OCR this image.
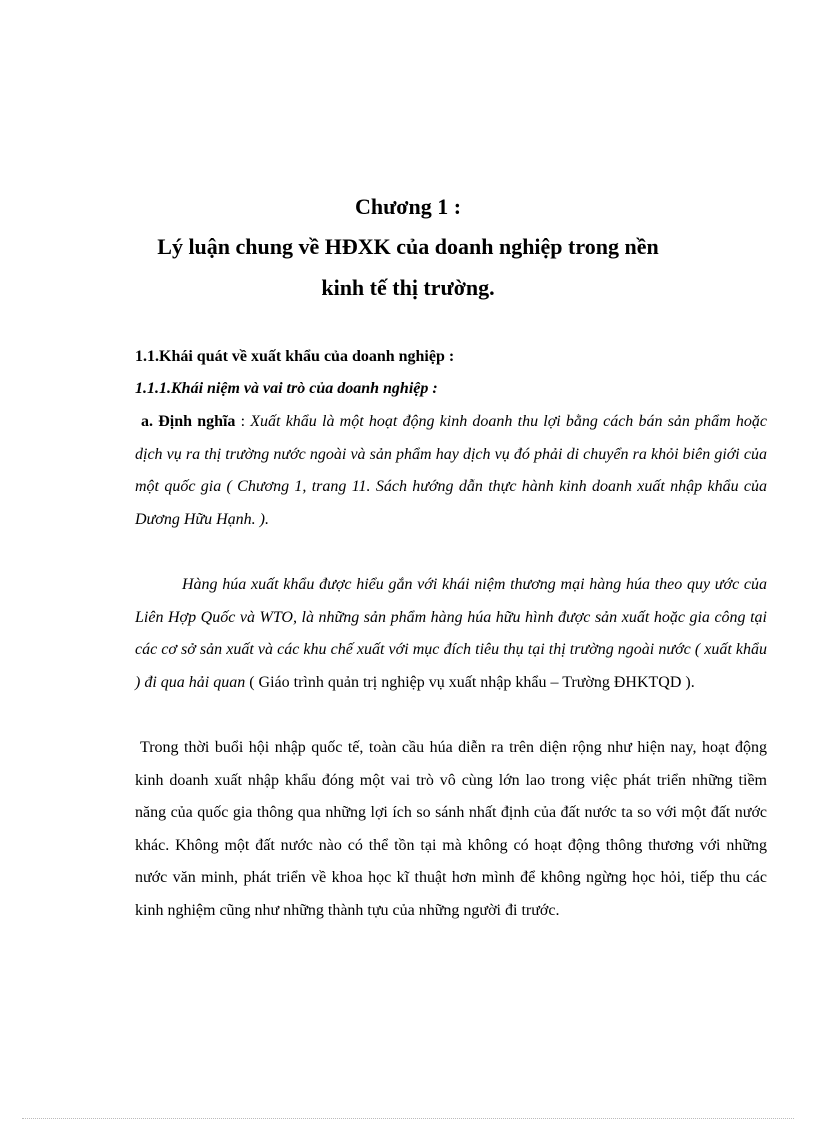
Chương 1 :
Lý luận chung về HĐXK của doanh nghiệp trong nền
kinh tế thị trường.
1.1.Khái quát về xuất khẩu của doanh nghiệp :
1.1.1.Khái niệm và vai trò của doanh nghiệp :
a. Định nghĩa : Xuất khẩu là một hoạt động kinh doanh thu lợi bằng cách bán sản phẩm hoặc dịch vụ ra thị trường nước ngoài và sản phẩm hay dịch vụ đó phải di chuyển ra khỏi biên giới của một quốc gia ( Chương 1, trang 11. Sách hướng dẫn thực hành kinh doanh xuất nhập khẩu của Dương Hữu Hạnh. ).
Hàng húa xuất khẩu được hiểu gắn với khái niệm thương mại hàng húa theo quy ước của Liên Hợp Quốc và WTO, là những sản phẩm hàng húa hữu hình được sản xuất hoặc gia công tại các cơ sở sản xuất và các khu chế xuất với mục đích tiêu thụ tại thị trường ngoài nước ( xuất khẩu ) đi qua hải quan ( Giáo trình quản trị nghiệp vụ xuất nhập khẩu – Trường ĐHKTQD ).
Trong thời buổi hội nhập quốc tế, toàn cầu húa diễn ra trên diện rộng như hiện nay, hoạt động kinh doanh xuất nhập khẩu đóng một vai trò vô cùng lớn lao trong việc phát triển những tiềm năng của quốc gia thông qua những lợi ích so sánh nhất định của đất nước ta so với một đất nước khác. Không một đất nước nào có thể tồn tại mà không có hoạt động thông thương với những nước văn minh, phát triển về khoa học kĩ thuật hơn mình để không ngừng học hỏi, tiếp thu các kinh nghiệm cũng như những thành tựu của những người đi trước.
